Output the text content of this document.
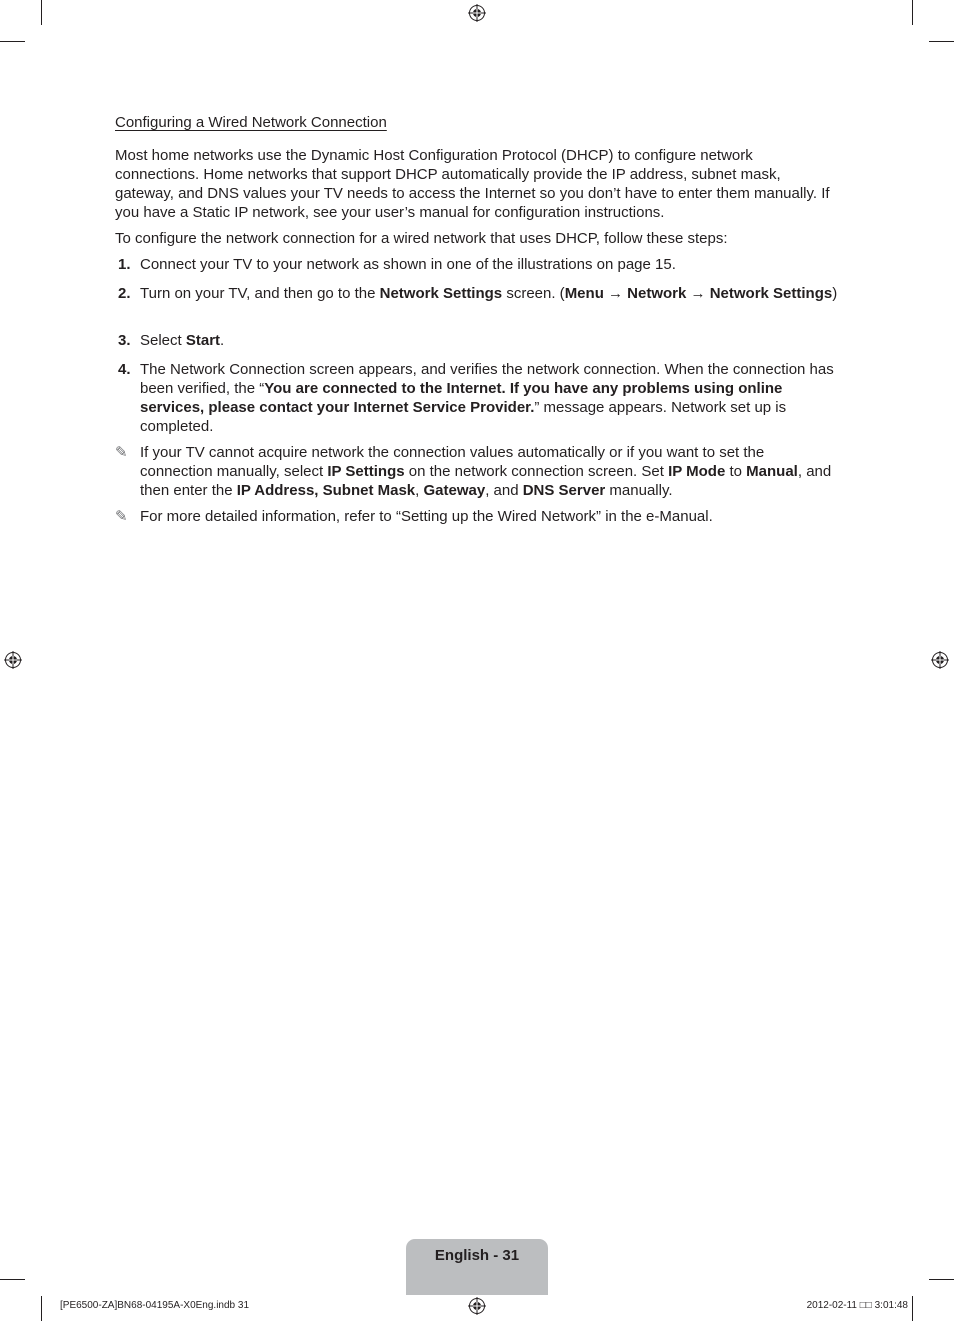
Configuring a Wired Network Connection

Most home networks use the Dynamic Host Configuration Protocol (DHCP) to configure network connections. Home networks that support DHCP automatically provide the IP address, subnet mask, gateway, and DNS values your TV needs to access the Internet so you don’t have to enter them manually. If you have a Static IP network, see your user’s manual for configuration instructions.

To configure the network connection for a wired network that uses DHCP, follow these steps:

1. Connect your TV to your network as shown in one of the illustrations on page 15.
2. Turn on your TV, and then go to the Network Settings screen. (Menu → Network → Network Settings)
3. Select Start.
4. The Network Connection screen appears, and verifies the network connection. When the connection has been verified, the “You are connected to the Internet. If you have any problems using online services, please contact your Internet Service Provider.” message appears. Network set up is completed.
✎ If your TV cannot acquire network the connection values automatically or if you want to set the connection manually, select IP Settings on the network connection screen. Set IP Mode to Manual, and then enter the IP Address, Subnet Mask, Gateway, and DNS Server manually.
✎ For more detailed information, refer to “Setting up the Wired Network” in the e-Manual.
English - 31
[PE6500-ZA]BN68-04195A-X0Eng.indb 31	2012-02-11 □□ 3:01:48
